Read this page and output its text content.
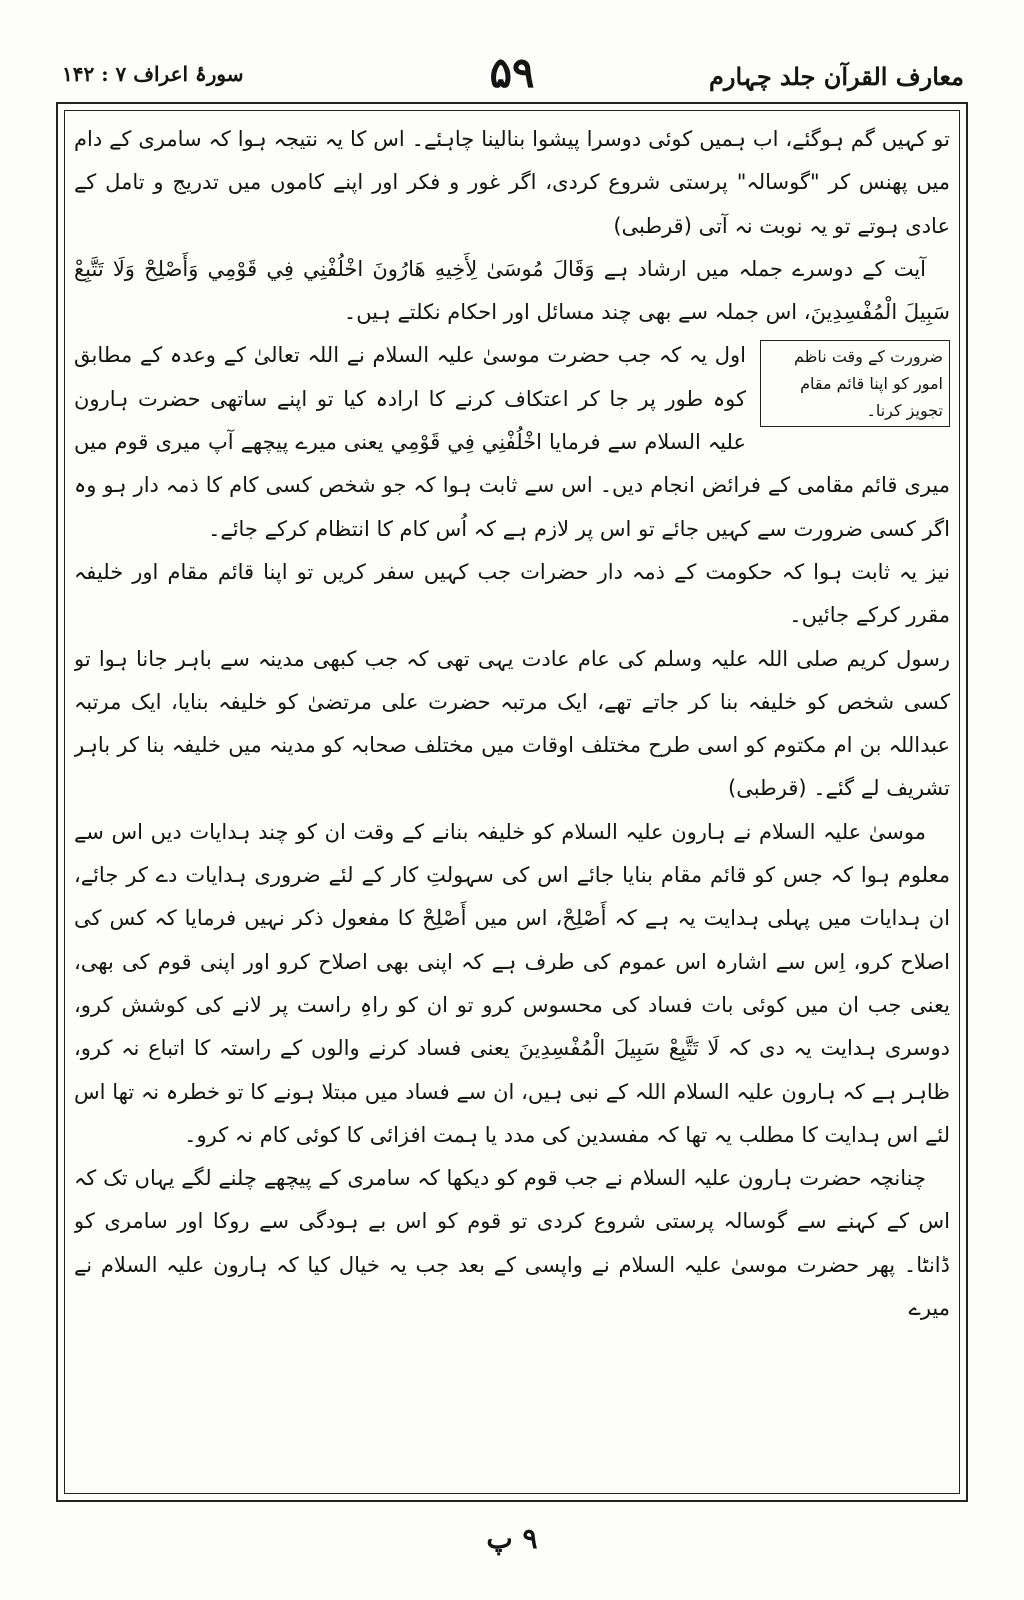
معارف القرآن جلد چہارم
۵۹
سورۂ اعراف ۷ : ۱۴۲

تو کہیں گم ہوگئے، اب ہمیں کوئی دوسرا پیشوا بنالینا چاہئے۔ اس کا یہ نتیجہ ہوا کہ سامری کے دام میں پھنس کر "گوسالہ" پرستی شروع کردی، اگر غور و فکر اور اپنے کاموں میں تدریج و تامل کے عادی ہوتے تو یہ نوبت نہ آتی (قرطبی)

آیت کے دوسرے جملہ میں ارشاد ہے وَقَالَ مُوسَىٰ لِأَخِيهِ هَارُونَ اخْلُفْنِي فِي قَوْمِي وَأَصْلِحْ وَلَا تَتَّبِعْ سَبِيلَ الْمُفْسِدِينَ، اس جملہ سے بھی چند مسائل اور احکام نکلتے ہیں۔

ضرورت کے وقت ناظم امور کو اپنا قائم مقام تجویز کرنا۔

اول یہ کہ جب حضرت موسیٰ علیہ السلام نے اللہ تعالیٰ کے وعدہ کے مطابق کوہ طور پر جا کر اعتکاف کرنے کا ارادہ کیا تو اپنے ساتھی حضرت ہارون علیہ السلام سے فرمایا اخْلُفْنِي فِي قَوْمِي یعنی میرے پیچھے آپ میری قوم میں میری قائم مقامی کے فرائض انجام دیں۔ اس سے ثابت ہوا کہ جو شخص کسی کام کا ذمہ دار ہو وہ اگر کسی ضرورت سے کہیں جائے تو اس پر لازم ہے کہ اُس کام کا انتظام کرکے جائے۔

نیز یہ ثابت ہوا کہ حکومت کے ذمہ دار حضرات جب کہیں سفر کریں تو اپنا قائم مقام اور خلیفہ مقرر کرکے جائیں۔

رسول کریم صلی اللہ علیہ وسلم کی عام عادت یہی تھی کہ جب کبھی مدینہ سے باہر جانا ہوا تو کسی شخص کو خلیفہ بنا کر جاتے تھے، ایک مرتبہ حضرت علی مرتضیٰ کو خلیفہ بنایا، ایک مرتبہ عبداللہ بن ام مکتوم کو اسی طرح مختلف اوقات میں مختلف صحابہ کو مدینہ میں خلیفہ بنا کر باہر تشریف لے گئے۔ (قرطبی)

موسیٰ علیہ السلام نے ہارون علیہ السلام کو خلیفہ بنانے کے وقت ان کو چند ہدایات دیں اس سے معلوم ہوا کہ جس کو قائم مقام بنایا جائے اس کی سہولتِ کار کے لئے ضروری ہدایات دے کر جائے، ان ہدایات میں پہلی ہدایت یہ ہے کہ أَصْلِحْ، اس میں أَصْلِحْ کا مفعول ذکر نہیں فرمایا کہ کس کی اصلاح کرو، اِس سے اشارہ اس عموم کی طرف ہے کہ اپنی بھی اصلاح کرو اور اپنی قوم کی بھی، یعنی جب ان میں کوئی بات فساد کی محسوس کرو تو ان کو راہِ راست پر لانے کی کوشش کرو، دوسری ہدایت یہ دی کہ لَا تَتَّبِعْ سَبِيلَ الْمُفْسِدِينَ یعنی فساد کرنے والوں کے راستہ کا اتباع نہ کرو، ظاہر ہے کہ ہارون علیہ السلام اللہ کے نبی ہیں، ان سے فساد میں مبتلا ہونے کا تو خطرہ نہ تھا اس لئے اس ہدایت کا مطلب یہ تھا کہ مفسدین کی مدد یا ہمت افزائی کا کوئی کام نہ کرو۔

چنانچہ حضرت ہارون علیہ السلام نے جب قوم کو دیکھا کہ سامری کے پیچھے چلنے لگے یہاں تک کہ اس کے کہنے سے گوسالہ پرستی شروع کردی تو قوم کو اس بے ہودگی سے روکا اور سامری کو ڈانٹا۔ پھر حضرت موسیٰ علیہ السلام نے واپسی کے بعد جب یہ خیال کیا کہ ہارون علیہ السلام نے میرے

۹ پ
